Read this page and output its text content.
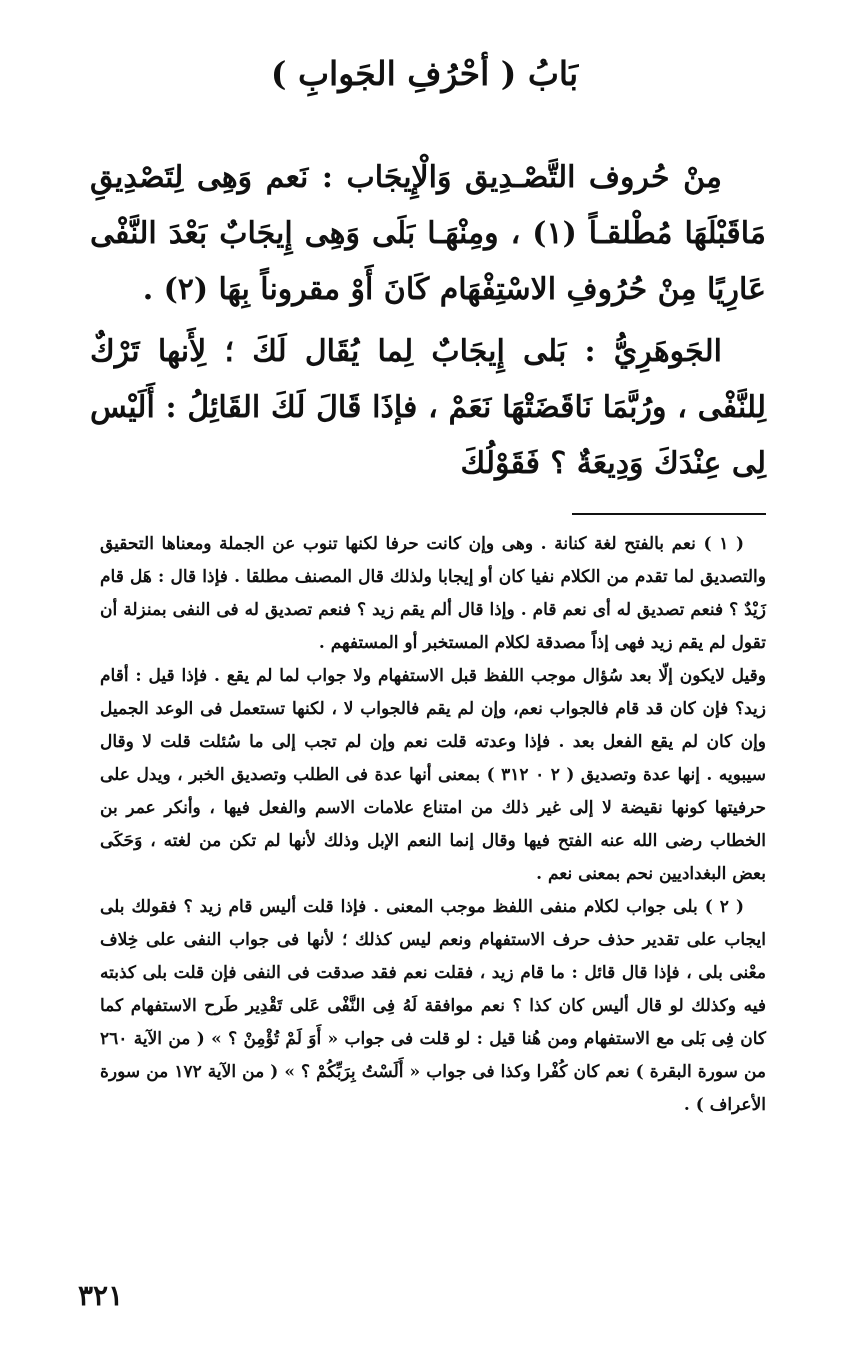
بَابُ ( أحْرُفِ الجَوابِ )

مِنْ حُروف التَّصْـدِيق وَالْإِيجَاب : نَعم وَهِى لِتَصْدِيقِ مَاقَبْلَهَا مُطْلقـاً (١) ، ومِنْهَـا بَلَى وَهِى إِيجَابٌ بَعْدَ النَّفْى عَارِيًا مِنْ حُرُوفِ الاسْتِفْهَام كَانَ أَوْ مقروناً بِهَا (٢) .

الجَوهَرِيُّ : بَلى إِيجَابٌ لِما يُقَال لَكَ ؛ لِأَنها تَرْكٌ لِلنَّفْى ، ورُبَّمَا نَاقَضَتْهَا نَعَمْ ، فإذَا قَالَ لَكَ القَائِلُ : أَلَيْس لِى عِنْدَكَ وَدِيعَةٌ ؟ فَقَوْلُكَ

( ١ ) نعم بالفتح لغة كنانة . وهى وإن كانت حرفا لكنها تنوب عن الجملة ومعناها التحقيق والتصديق لما تقدم من الكلام نفيا كان أو إيجابا ولذلك قال المصنف مطلقا . فإذا قال : هَل قام زَيْدٌ ؟ فنعم تصديق له أى نعم قام . وإذا قال ألم يقم زيد ؟ فنعم تصديق له فى النفى بمنزلة أن تقول لم يقم زيد فهى إذاً مصدقة لكلام المستخبر أو المستفهم .

وقيل لايكون إلّا بعد سُؤال موجب اللفظ قبل الاستفهام ولا جواب لما لم يقع . فإذا قيل : أقام زيد؟ فإن كان قد قام فالجواب نعم، وإن لم يقم فالجواب لا ، لكنها تستعمل فى الوعد الجميل وإن كان لم يقع الفعل بعد . فإذا وعدته قلت نعم وإن لم تجب إلى ما سُئلت قلت لا وقال سيبويه . إنها عدة وتصديق ( ٢ ٠ ٣١٢ ) بمعنى أنها عدة فى الطلب وتصديق الخبر ، ويدل على حرفيتها كونها نقيضة لا إلى غير ذلك من امتناع علامات الاسم والفعل فيها ، وأنكر عمر بن الخطاب رضى الله عنه الفتح فيها وقال إنما النعم الإبل وذلك لأنها لم تكن من لغته ، وَحَكَى بعض البغداديين نحم بمعنى نعم .

( ٢ ) بلى جواب لكلام منفى اللفظ موجب المعنى . فإذا قلت أليس قام زيد ؟ فقولك بلى ايجاب على تقدير حذف حرف الاستفهام ونعم ليس كذلك ؛ لأنها فى جواب النفى على خِلاف معْنى بلى ، فإذا قال قائل : ما قام زيد ، فقلت نعم فقد صدقت فى النفى فإن قلت بلى كذبته فيه وكذلك لو قال أليس كان كذا ؟ نعم موافقة لَهُ فِى النَّفْى عَلى تَقْدِير طَرح الاستفهام كما كان فِى بَلى مع الاستفهام ومن هُنا قيل : لو قلت فى جواب « أَوَ لَمْ تُؤْمِنْ ؟ » ( من الآية ٢٦٠ من سورة البقرة ) نعم كان كُفْرا وكذا فى جواب « أَلَسْتُ بِرَبِّكُمْ ؟ » ( من الآية ١٧٢ من سورة الأعراف ) .

٣٢١
